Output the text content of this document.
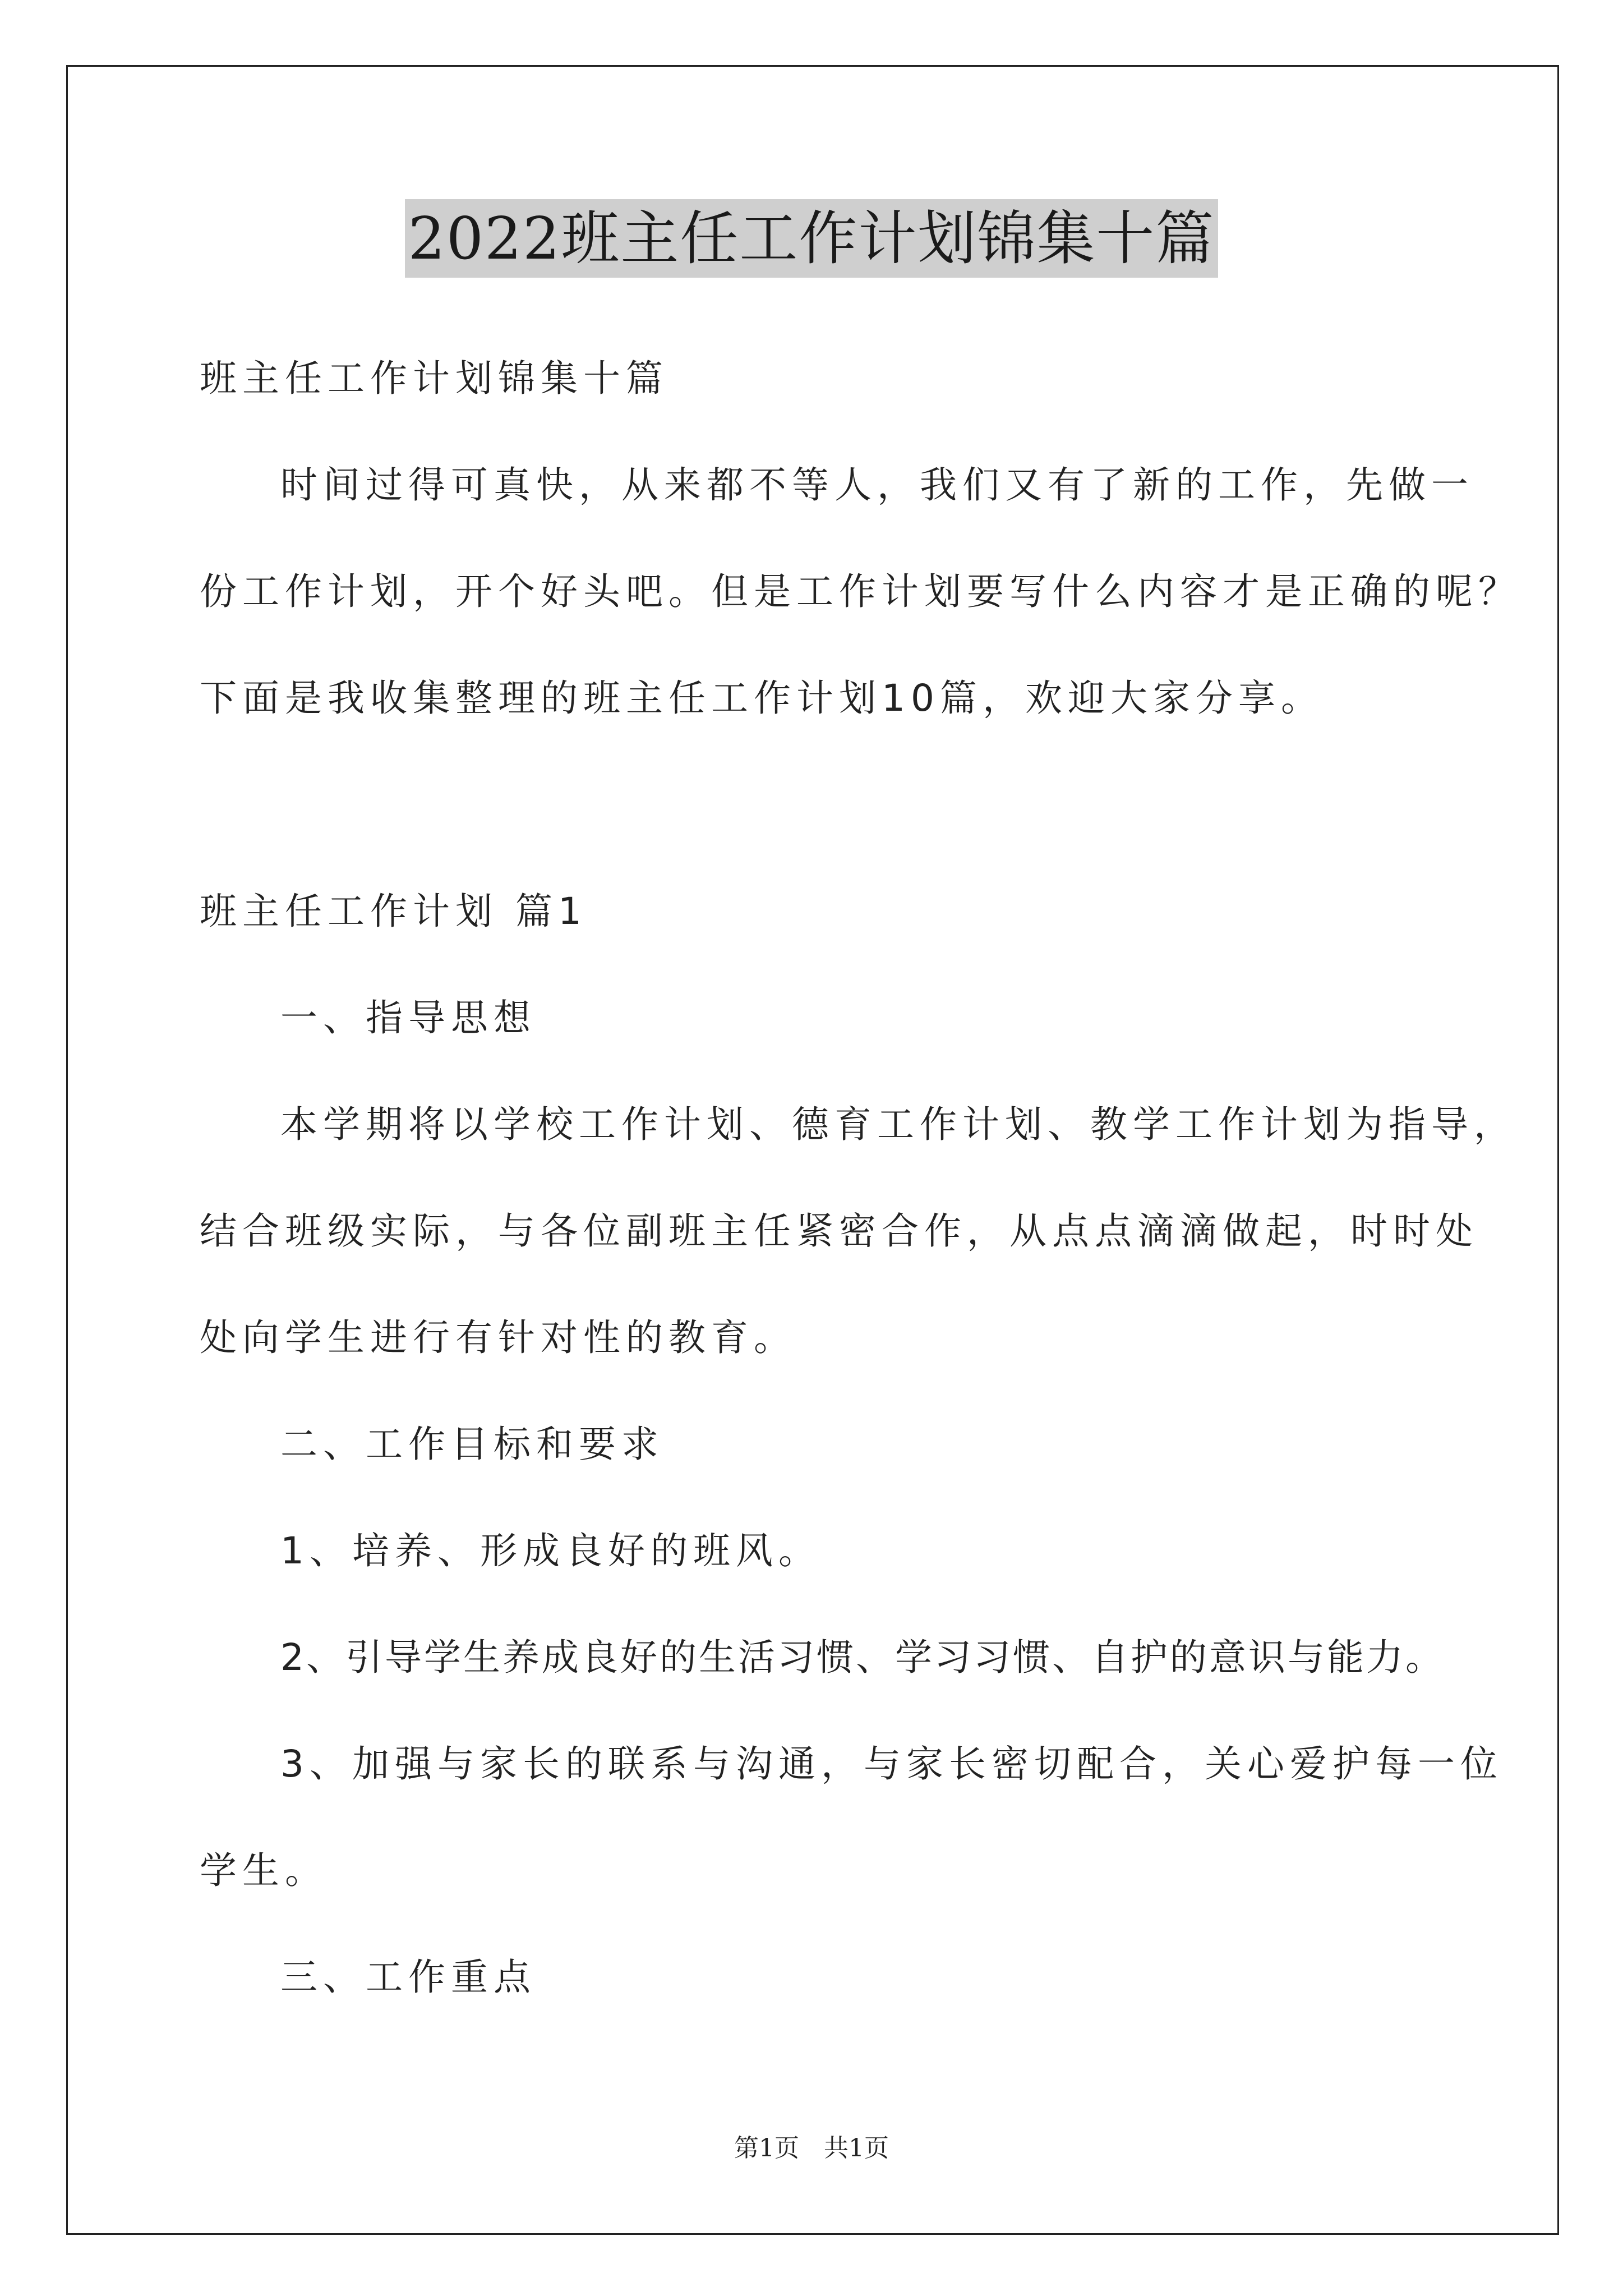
2022班主任工作计划锦集十篇
班主任工作计划锦集十篇
时间过得可真快，从来都不等人，我们又有了新的工作，先做一
份工作计划，开个好头吧。但是工作计划要写什么内容才是正确的呢？
下面是我收集整理的班主任工作计划10篇，欢迎大家分享。
班主任工作计划 篇1
一、指导思想
本学期将以学校工作计划、德育工作计划、教学工作计划为指导，
结合班级实际，与各位副班主任紧密合作，从点点滴滴做起，时时处
处向学生进行有针对性的教育。
二、工作目标和要求
1、培养、形成良好的班风。
2、引导学生养成良好的生活习惯、学习习惯、自护的意识与能力。
3、加强与家长的联系与沟通，与家长密切配合，关心爱护每一位
学生。
三、工作重点
第1页　共1页
